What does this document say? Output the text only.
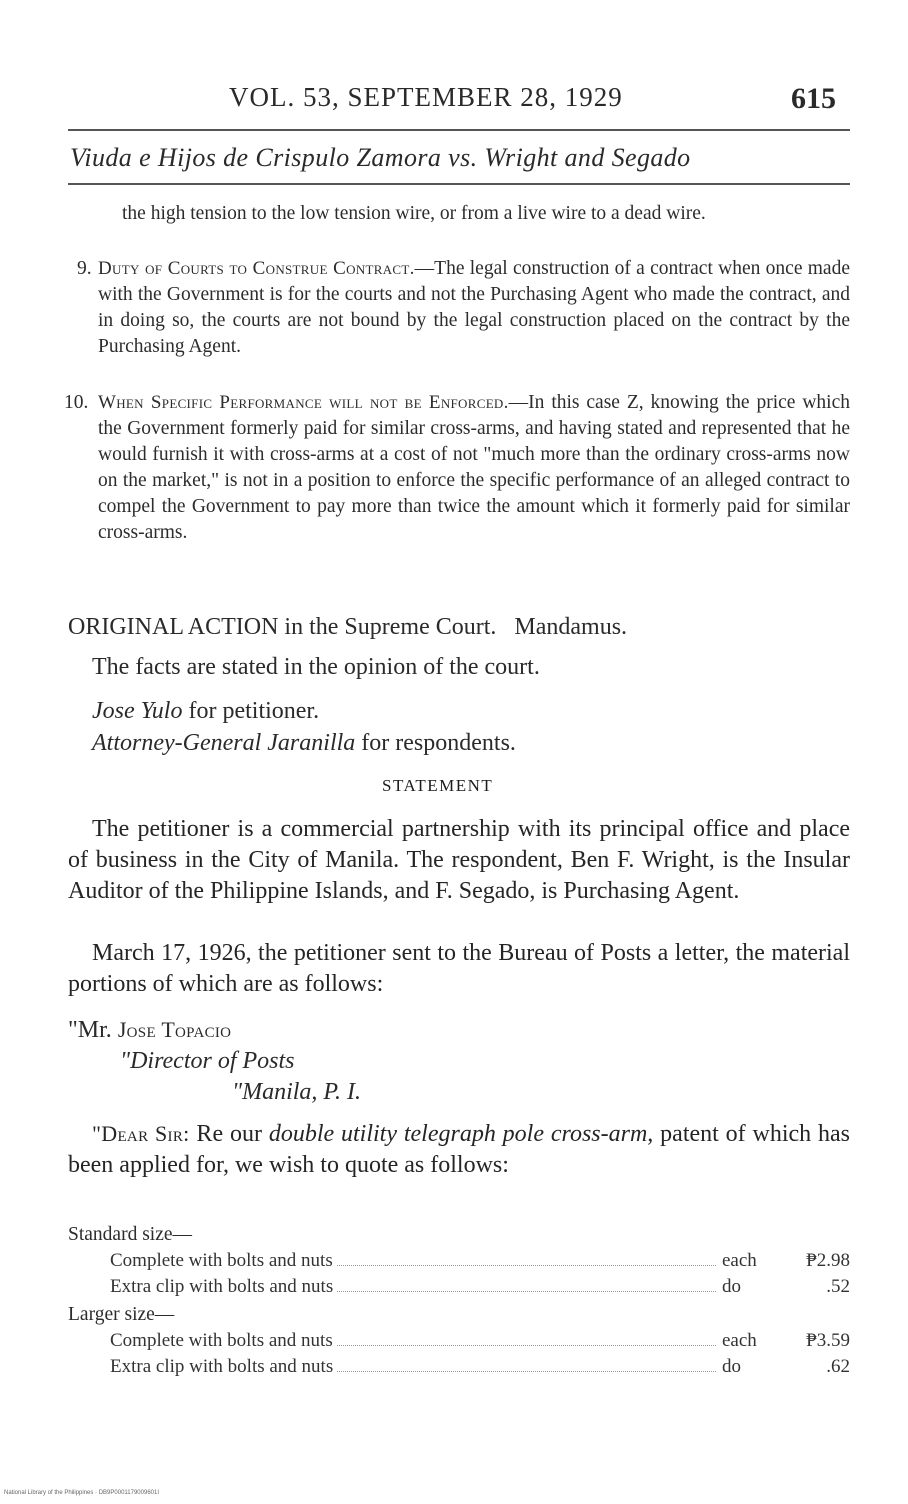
VOL. 53, SEPTEMBER 28, 1929	615
Viuda e Hijos de Crispulo Zamora vs. Wright and Segado

the high tension to the low tension wire, or from a live wire to a dead wire.

9. Duty of Courts to Construe Contract.—The legal construction of a contract when once made with the Government is for the courts and not the Purchasing Agent who made the contract, and in doing so, the courts are not bound by the legal construction placed on the contract by the Purchasing Agent.

10. When Specific Performance will not be Enforced.—In this case Z, knowing the price which the Government formerly paid for similar cross-arms, and having stated and represented that he would furnish it with cross-arms at a cost of not "much more than the ordinary cross-arms now on the market," is not in a position to enforce the specific performance of an alleged contract to compel the Government to pay more than twice the amount which it formerly paid for similar cross-arms.

ORIGINAL ACTION in the Supreme Court. Mandamus.
The facts are stated in the opinion of the court.
Jose Yulo for petitioner.
Attorney-General Jaranilla for respondents.
STATEMENT

The petitioner is a commercial partnership with its principal office and place of business in the City of Manila. The respondent, Ben F. Wright, is the Insular Auditor of the Philippine Islands, and F. Segado, is Purchasing Agent.

March 17, 1926, the petitioner sent to the Bureau of Posts a letter, the material portions of which are as follows:

"Mr. Jose Topacio
"Director of Posts
"Manila, P. I.

"Dear Sir: Re our double utility telegraph pole cross-arm, patent of which has been applied for, we wish to quote as follows:

Standard size—
Complete with bolts and nuts	each	₱2.98
Extra clip with bolts and nuts	do	.52
Larger size—
Complete with bolts and nuts	each	₱3.59
Extra clip with bolts and nuts	do	.62
National Library of the Philippines · DB9P0001179009601I
